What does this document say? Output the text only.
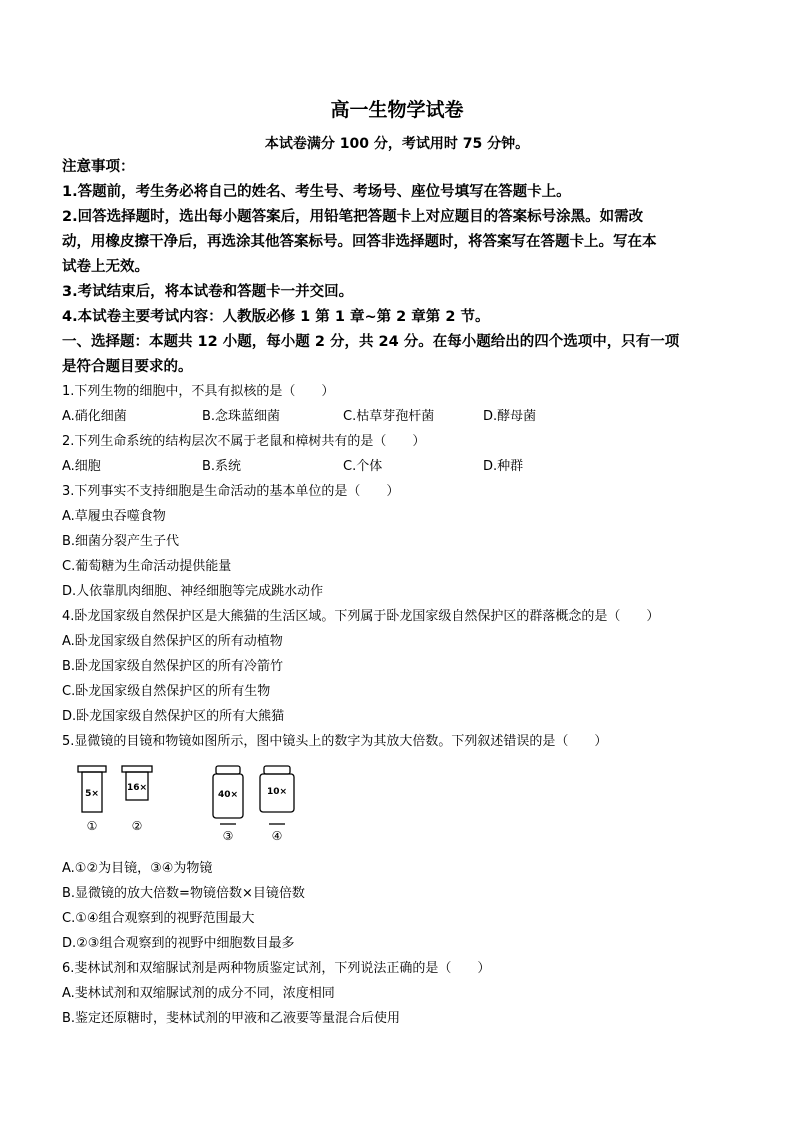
高一生物学试卷
本试卷满分 100 分，考试用时 75 分钟。
注意事项：
1.答题前，考生务必将自己的姓名、考生号、考场号、座位号填写在答题卡上。
2.回答选择题时，选出每小题答案后，用铅笔把答题卡上对应题目的答案标号涂黑。如需改
动，用橡皮擦干净后，再选涂其他答案标号。回答非选择题时，将答案写在答题卡上。写在本
试卷上无效。
3.考试结束后，将本试卷和答题卡一并交回。
4.本试卷主要考试内容：人教版必修 1 第 1 章~第 2 章第 2 节。
一、选择题：本题共 12 小题，每小题 2 分，共 24 分。在每小题给出的四个选项中，只有一项
是符合题目要求的。
1.下列生物的细胞中，不具有拟核的是（　　）
A.硝化细菌	B.念珠蓝细菌	C.枯草芽孢杆菌	D.酵母菌
2.下列生命系统的结构层次不属于老鼠和樟树共有的是（　　）
A.细胞	B.系统	C.个体	D.种群
3.下列事实不支持细胞是生命活动的基本单位的是（　　）
A.草履虫吞噬食物
B.细菌分裂产生子代
C.葡萄糖为生命活动提供能量
D.人依靠肌肉细胞、神经细胞等完成跳水动作
4.卧龙国家级自然保护区是大熊猫的生活区域。下列属于卧龙国家级自然保护区的群落概念的是（　　）
A.卧龙国家级自然保护区的所有动植物
B.卧龙国家级自然保护区的所有冷箭竹
C.卧龙国家级自然保护区的所有生物
D.卧龙国家级自然保护区的所有大熊猫
5.显微镜的目镜和物镜如图所示，图中镜头上的数字为其放大倍数。下列叙述错误的是（　　）
5×
①
16×
②
40×
③
10×
④
A.①②为目镜，③④为物镜
B.显微镜的放大倍数=物镜倍数×目镜倍数
C.①④组合观察到的视野范围最大
D.②③组合观察到的视野中细胞数目最多
6.斐林试剂和双缩脲试剂是两种物质鉴定试剂，下列说法正确的是（　　）
A.斐林试剂和双缩脲试剂的成分不同，浓度相同
B.鉴定还原糖时，斐林试剂的甲液和乙液要等量混合后使用
